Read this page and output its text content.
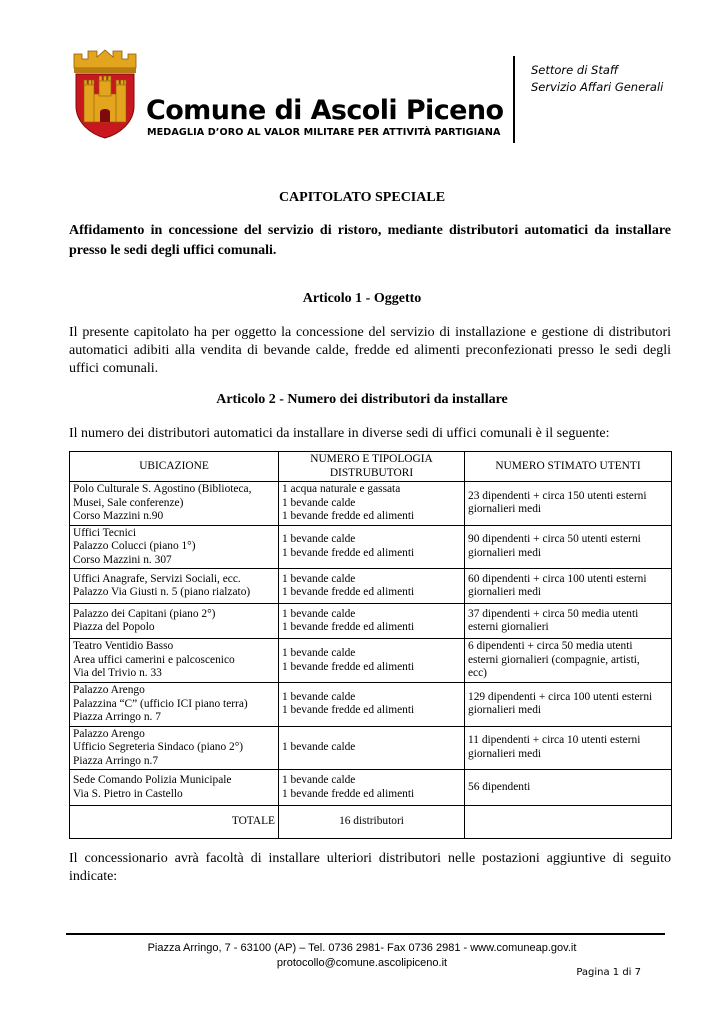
Comune di Ascoli Piceno
MEDAGLIA D’ORO AL VALOR MILITARE PER ATTIVITÀ PARTIGIANA
Settore di Staff
Servizio Affari Generali
CAPITOLATO SPECIALE
Affidamento in concessione del servizio di ristoro, mediante distributori automatici da installare presso le sedi degli uffici comunali.
Articolo 1 - Oggetto
Il presente capitolato ha per oggetto la concessione del servizio di installazione e gestione di distributori automatici adibiti alla vendita di bevande calde, fredde ed alimenti preconfezionati presso le sedi degli uffici comunali.
Articolo 2 - Numero dei distributori da installare
Il numero dei distributori automatici da installare in diverse sedi di uffici comunali è il seguente:
UBICAZIONE	NUMERO E TIPOLOGIA DISTRUBUTORI	NUMERO STIMATO UTENTI

Polo Culturale S. Agostino (Biblioteca,
Musei, Sale conferenze)
Corso Mazzini n.90	1 acqua naturale e gassata
1 bevande calde
1 bevande fredde ed alimenti	23 dipendenti + circa 150 utenti esterni
giornalieri medi

Uffici Tecnici
Palazzo Colucci (piano 1°)
Corso Mazzini n. 307	1 bevande calde
1 bevande fredde ed alimenti	90 dipendenti + circa 50 utenti esterni
giornalieri medi

Uffici Anagrafe, Servizi Sociali, ecc.
Palazzo Via Giusti n. 5 (piano rialzato)	1 bevande calde
1 bevande fredde ed alimenti	60 dipendenti + circa 100 utenti esterni
giornalieri medi

Palazzo dei Capitani (piano 2°)
Piazza del Popolo	1 bevande calde
1 bevande fredde ed alimenti	37 dipendenti + circa 50 media utenti
esterni giornalieri

Teatro Ventidio Basso
Area uffici camerini e palcoscenico
Via del Trivio n. 33	1 bevande calde
1 bevande fredde ed alimenti	6 dipendenti + circa 50 media utenti
esterni giornalieri (compagnie, artisti,
ecc)

Palazzo Arengo
Palazzina “C” (ufficio ICI piano terra)
Piazza Arringo n. 7	1 bevande calde
1 bevande fredde ed alimenti	129 dipendenti + circa 100 utenti esterni
giornalieri medi

Palazzo Arengo
Ufficio Segreteria Sindaco (piano 2°)
Piazza Arringo n.7	1 bevande calde	11 dipendenti + circa 10 utenti esterni
giornalieri medi

Sede Comando Polizia Municipale
Via S. Pietro in Castello	1 bevande calde
1 bevande fredde ed alimenti	56 dipendenti

TOTALE	16 distributori	
Il concessionario avrà facoltà di installare ulteriori distributori nelle postazioni aggiuntive di seguito indicate:
Piazza Arringo, 7 - 63100 (AP) – Tel. 0736 2981- Fax 0736 2981 - www.comuneap.gov.it
protocollo@comune.ascolipiceno.it
Pagina 1 di 7
